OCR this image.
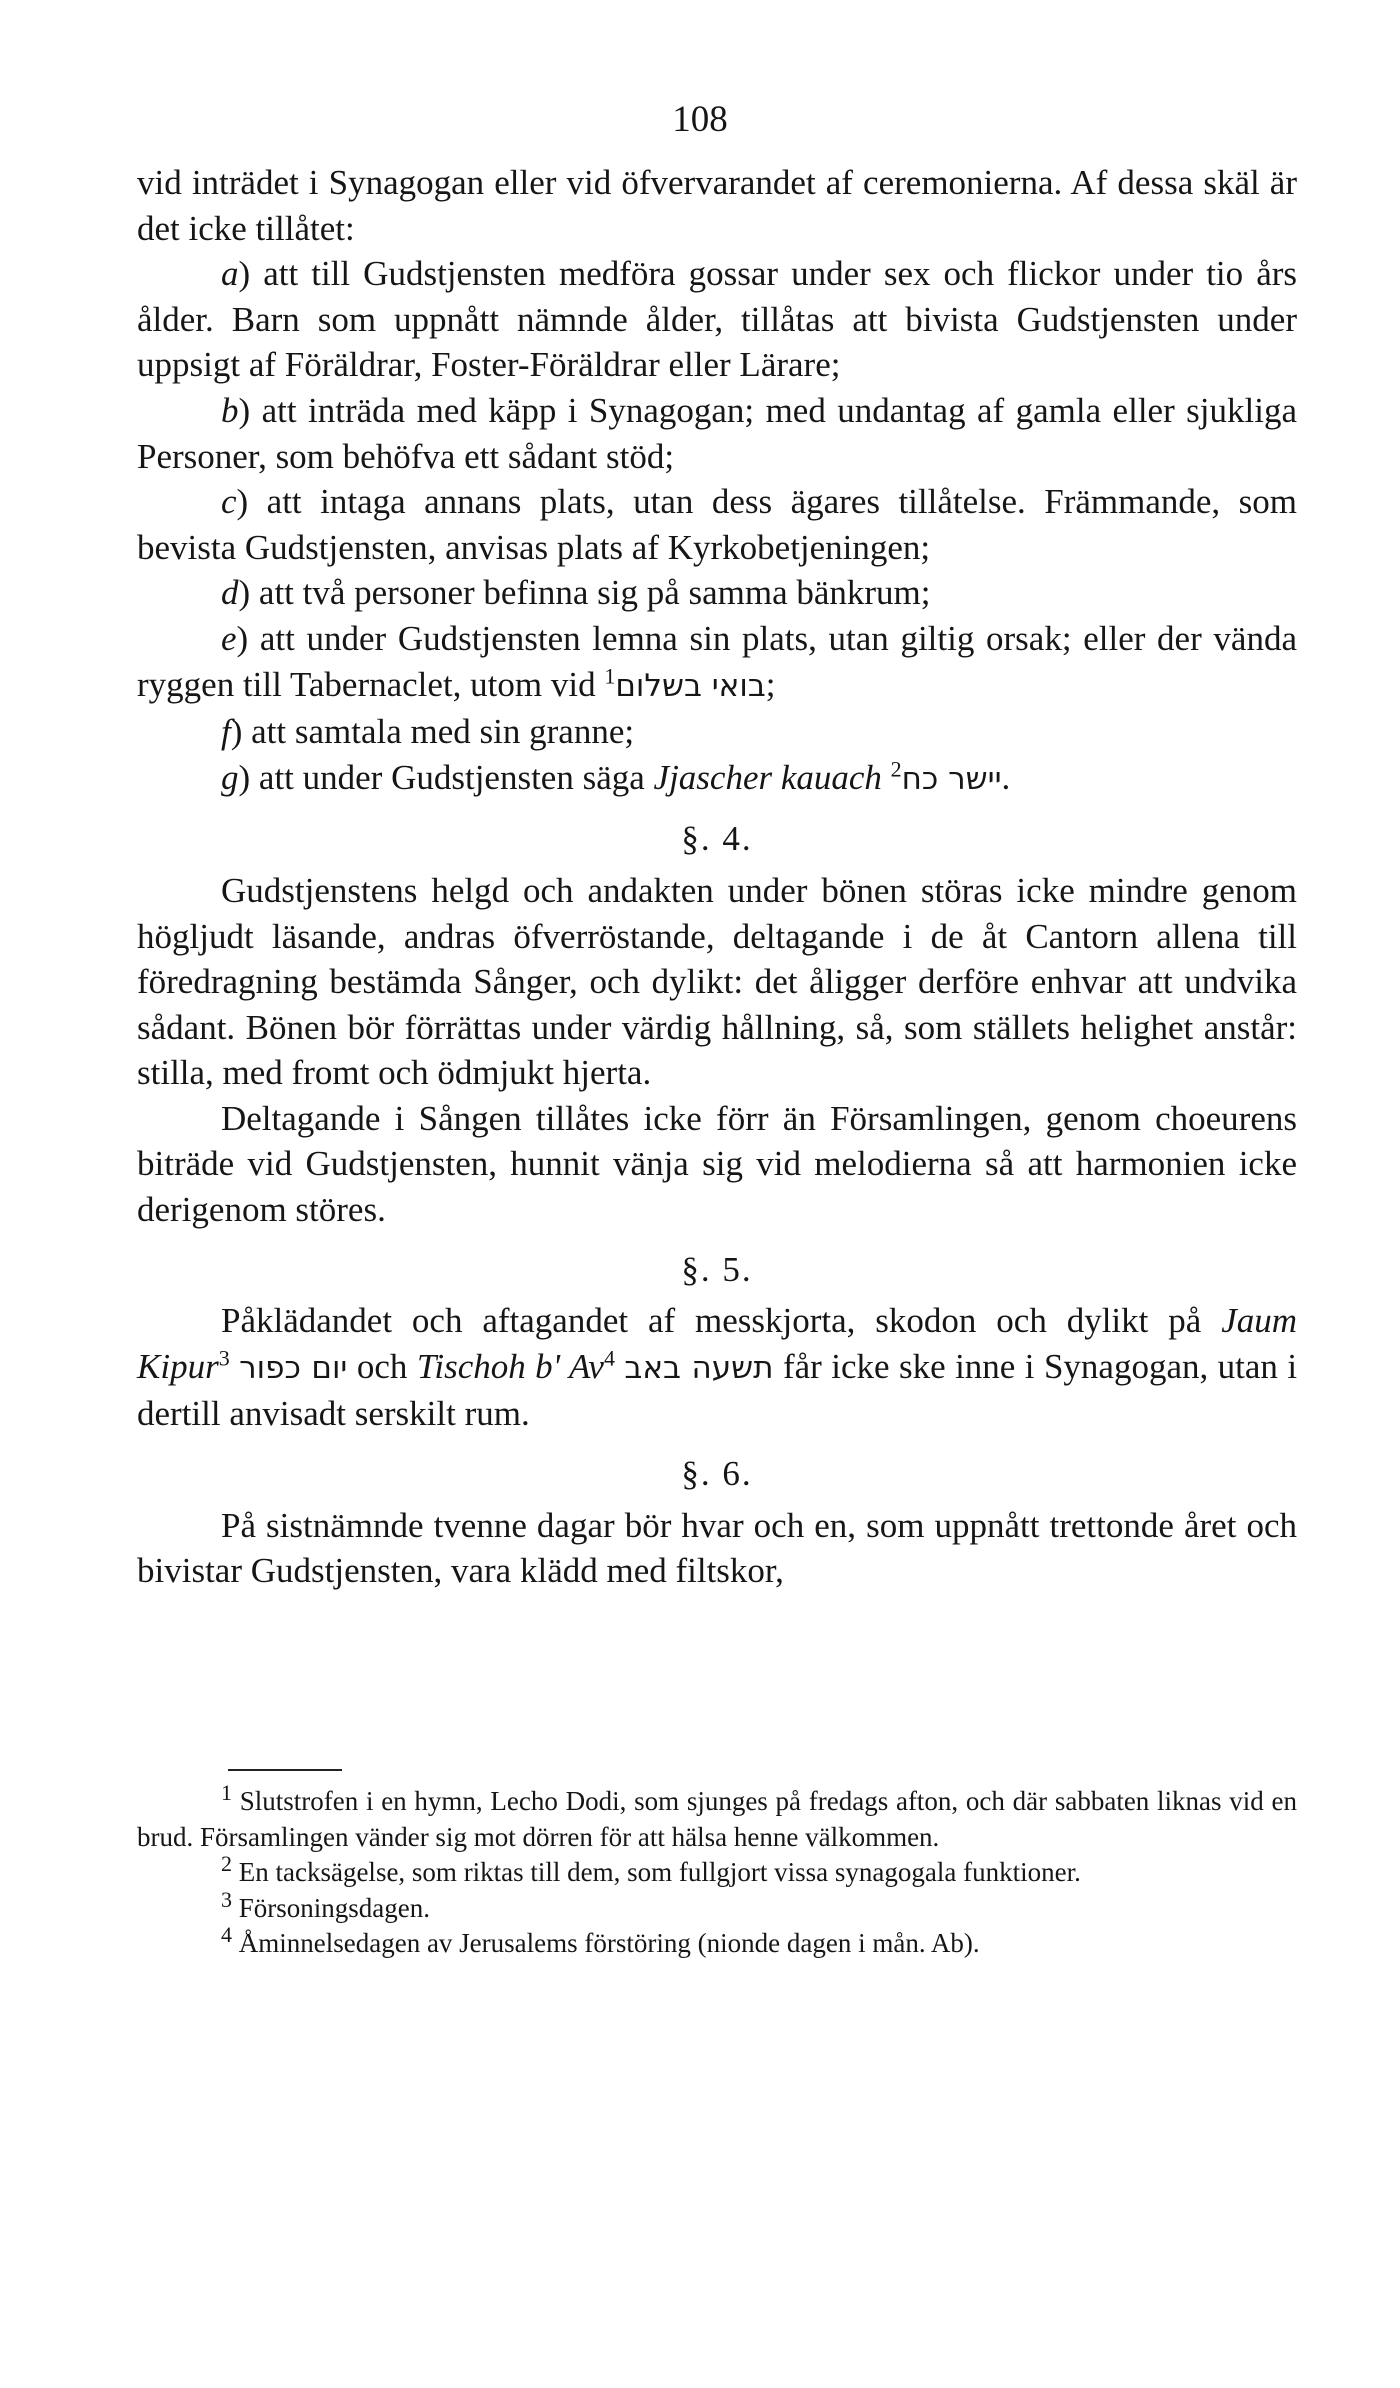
108

vid inträdet i Synagogan eller vid öfvervarandet af ceremonierna. Af dessa skäl är det icke tillåtet:

a) att till Gudstjensten medföra gossar under sex och flickor under tio års ålder. Barn som uppnått nämnde ålder, tillåtas att bivista Gudstjensten under uppsigt af Föräldrar, Foster-Föräldrar eller Lärare;

b) att inträda med käpp i Synagogan; med undantag af gamla eller sjukliga Personer, som behöfva ett sådant stöd;

c) att intaga annans plats, utan dess ägares tillåtelse. Främmande, som bevista Gudstjensten, anvisas plats af Kyrkobetjeningen;

d) att två personer befinna sig på samma bänkrum;

e) att under Gudstjensten lemna sin plats, utan giltig orsak; eller der vända ryggen till Tabernaclet, utom vid $^1$בואי בשלום;

f) att samtala med sin granne;

g) att under Gudstjensten säga Jjascher kauach $^2$יישר כח.

§. 4.

Gudstjenstens helgd och andakten under bönen störas icke mindre genom högljudt läsande, andras öfverröstande, deltagande i de åt Cantorn allena till föredragning bestämda Sånger, och dylikt: det åligger derföre enhvar att undvika sådant. Bönen bör förrättas under värdig hållning, så, som ställets helighet anstår: stilla, med fromt och ödmjukt hjerta.

Deltagande i Sången tillåtes icke förr än Församlingen, genom choeurens biträde vid Gudstjensten, hunnit vänja sig vid melodierna så att harmonien icke derigenom störes.

§. 5.

Påklädandet och aftagandet af messkjorta, skodon och dylikt på Jaum Kipur$^3$ יום כפור och Tischoh b' Av$^4$ תשעה באב får icke ske inne i Synagogan, utan i dertill anvisadt serskilt rum.

§. 6.

På sistnämnde tvenne dagar bör hvar och en, som uppnått trettonde året och bivistar Gudstjensten, vara klädd med filtskor,

$^1$ Slutstrofen i en hymn, Lecho Dodi, som sjunges på fredags afton, och där sabbaten liknas vid en brud. Församlingen vänder sig mot dörren för att hälsa henne välkommen.

$^2$ En tacksägelse, som riktas till dem, som fullgjort vissa synagogala funktioner.

$^3$ Försoningsdagen.

$^4$ Åminnelsedagen av Jerusalems förstöring (nionde dagen i mån. Ab).
